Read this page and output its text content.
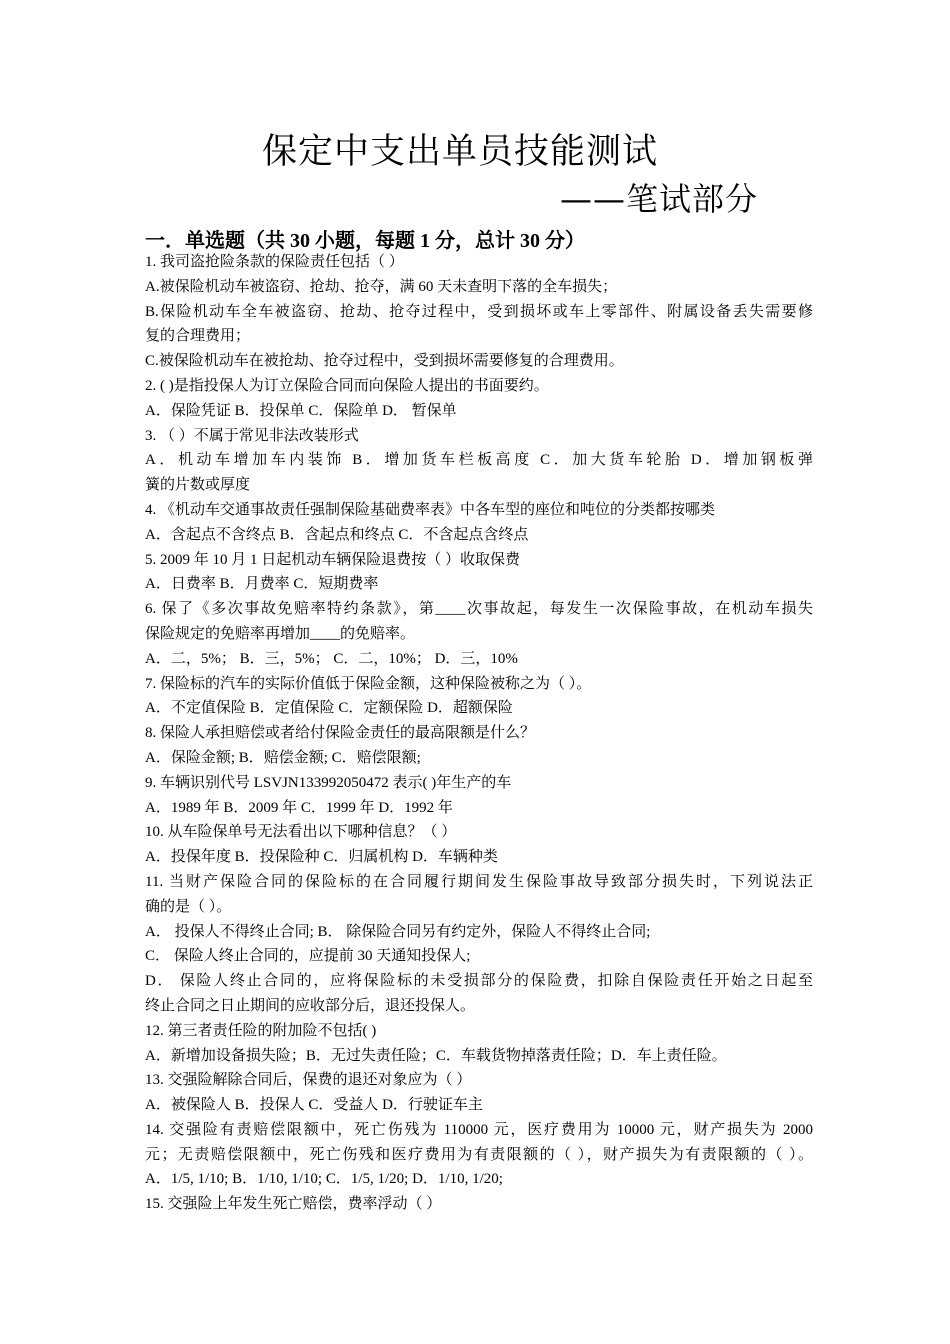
保定中支出单员技能测试
——笔试部分
一．单选题（共 30 小题，每题 1 分，总计 30 分）
1. 我司盗抢险条款的保险责任包括（ ）
A.被保险机动车被盗窃、抢劫、抢夺，满 60 天未查明下落的全车损失；
B.保险机动车全车被盗窃、抢劫、抢夺过程中，受到损坏或车上零部件、附属设备丢失需要修
复的合理费用；
C.被保险机动车在被抢劫、抢夺过程中，受到损坏需要修复的合理费用。
2. ( )是指投保人为订立保险合同而向保险人提出的书面要约。
A．保险凭证 B．投保单 C．保险单 D． 暂保单
3. （ ）不属于常见非法改装形式
A．机动车增加车内装饰 B．增加货车栏板高度 C．加大货车轮胎 D．增加钢板弹
簧的片数或厚度
4. 《机动车交通事故责任强制保险基础费率表》中各车型的座位和吨位的分类都按哪类
A．含起点不含终点 B．含起点和终点 C．不含起点含终点
5. 2009 年 10 月 1 日起机动车辆保险退费按（ ）收取保费
A．日费率 B．月费率 C．短期费率
6. 保了《多次事故免赔率特约条款》，第____次事故起，每发生一次保险事故，在机动车损失
保险规定的免赔率再增加____的免赔率。
A．二，5%； B．三，5%； C．二，10%； D．三，10%
7. 保险标的汽车的实际价值低于保险金额，这种保险被称之为（ ）。
A．不定值保险 B．定值保险 C．定额保险 D．超额保险
8. 保险人承担赔偿或者给付保险金责任的最高限额是什么？
A．保险金额; B．赔偿金额; C．赔偿限额;
9. 车辆识别代号 LSVJN133992050472 表示( )年生产的车
A．1989 年 B．2009 年 C．1999 年 D．1992 年
10. 从车险保单号无法看出以下哪种信息？（ ）
A．投保年度 B．投保险种 C．归属机构 D．车辆种类
11. 当财产保险合同的保险标的在合同履行期间发生保险事故导致部分损失时，下列说法正
确的是（ ）。
A． 投保人不得终止合同; B． 除保险合同另有约定外，保险人不得终止合同;
C． 保险人终止合同的，应提前 30 天通知投保人;
D． 保险人终止合同的，应将保险标的未受损部分的保险费，扣除自保险责任开始之日起至
终止合同之日止期间的应收部分后，退还投保人。
12. 第三者责任险的附加险不包括( )
A．新增加设备损失险；B．无过失责任险；C．车载货物掉落责任险；D．车上责任险。
13. 交强险解除合同后，保费的退还对象应为（ ）
A．被保险人 B．投保人 C．受益人 D．行驶证车主
14. 交强险有责赔偿限额中，死亡伤残为 110000 元，医疗费用为 10000 元，财产损失为 2000
元；无责赔偿限额中，死亡伤残和医疗费用为有责限额的（ ），财产损失为有责限额的（ ）。
A．1/5, 1/10; B．1/10, 1/10; C．1/5, 1/20; D．1/10, 1/20;
15. 交强险上年发生死亡赔偿，费率浮动（ ）
